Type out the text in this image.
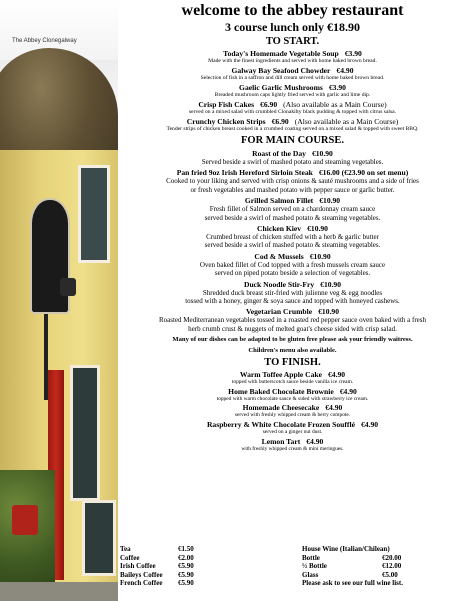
The Abbey Clonegalway
welcome to the abbey restaurant
3 course lunch only €18.90
TO START.
Today's Homemade Vegetable Soup €3.90
Made with the finest ingredients and served with home baked brown bread.
Galway Bay Seafood Chowder €4.90
Selection of fish in a saffron and dill cream served with home baked brown bread.
Gaelic Garlic Mushrooms €3.90
Breaded mushroom caps lightly fried served with garlic and lime dip.
Crisp Fish Cakes €6.90 (Also available as a Main Course)
served on a mixed salad with crumbled Clonakilty black pudding & topped with citrus salsa.
Crunchy Chicken Strips €6.90 (Also available as a Main Course)
Tender strips of chicken breast cooked in a crumbed coating served on a mixed salad & topped with sweet BBQ.
FOR MAIN COURSE.
Roast of the Day €10.90
Served beside a swirl of mashed potato and steaming vegetables.
Pan fried 9oz Irish Hereford Sirloin Steak €16.00 (€23.90 on set menu)
Cooked to your liking and served with crisp onions & sauté mushrooms and a side of fries
or fresh vegetables and mashed potato with pepper sauce or garlic butter.
Grilled Salmon Fillet €10.90
Fresh fillet of Salmon served on a chardonnay cream sauce
served beside a swirl of mashed potato & steaming vegetables.
Chicken Kiev €10.90
Crumbed breast of chicken stuffed with a herb & garlic butter
served beside a swirl of mashed potato & steaming vegetables.
Cod & Mussels €10.90
Oven baked fillet of Cod topped with a fresh mussels cream sauce
served on piped potato beside a selection of vegetables.
Duck Noodle Stir-Fry €10.90
Shredded duck breast stir-fried with julienne veg & egg noodles
tossed with a honey, ginger & soya sauce and topped with honeyed cashews.
Vegetarian Crumble €10.90
Roasted Mediterranean vegetables tossed in a roasted red pepper sauce oven baked with a fresh
herb crumb crust & nuggets of melted goat's cheese sided with crisp salad.
Many of our dishes can be adapted to be gluten free please ask your friendly waitress.
Children's menu also available.
TO FINISH.
Warm Toffee Apple Cake €4.90
topped with butterscotch sauce beside vanilla ice cream.
Home Baked Chocolate Brownie €4.90
topped with warm chocolate sauce & sided with strawberry ice cream.
Homemade Cheesecake €4.90
served with freshly whipped cream & berry compote.
Raspberry & White Chocolate Frozen Soufflé €4.90
served on a ginger nut dust.
Lemon Tart €4.90
with freshly whipped cream & mini meringues.
Tea	€1.50
Coffee	€2.00
Irish Coffee	€5.90
Baileys Coffee	€5.90
French Coffee	€5.90
House Wine (Italian/Chilean)
Bottle	€20.00
½ Bottle	€12.00
Glass	€5.00
Please ask to see our full wine list.
